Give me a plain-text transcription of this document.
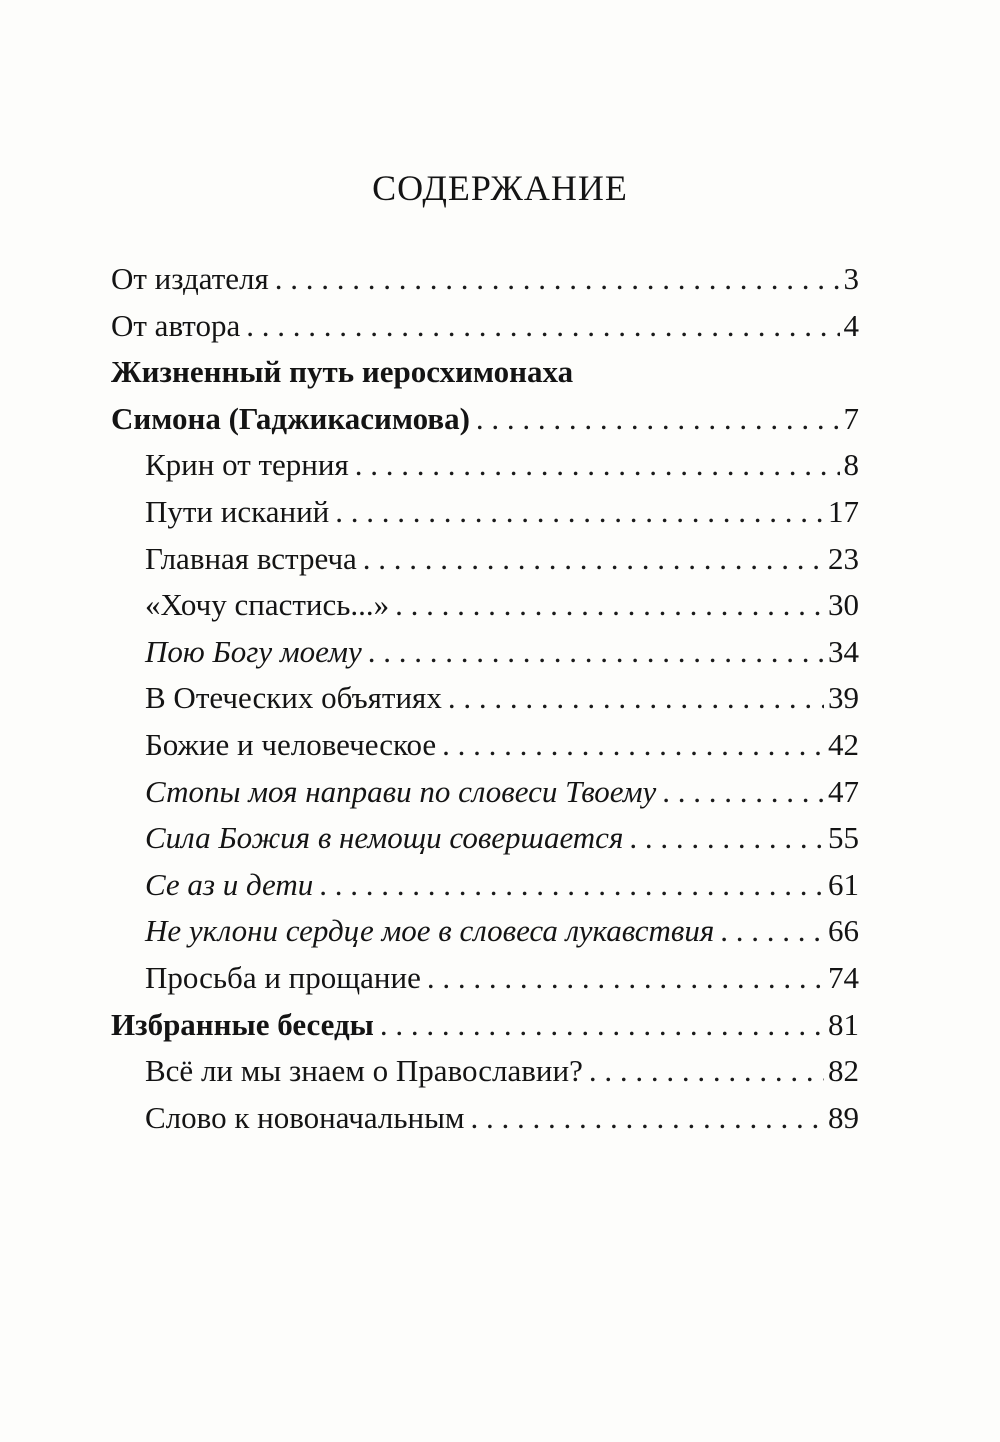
СОДЕРЖАНИЕ
От издателя . . .	3
От автора . . .	4
Жизненный путь иеросхимонаха
Симона (Гаджикасимова) . . .	7
Крин от терния . . .	8
Пути исканий . . .	17
Главная встреча . . .	23
«Хочу спастись...» . . .	30
Пою Богу моему . . .	34
В Отеческих объятиях . . .	39
Божие и человеческое . . .	42
Стопы моя направи по словеси Твоему . . .	47
Сила Божия в немощи совершается . . .	55
Се аз и дети . . .	61
Не уклони сердце мое в словеса лукавствия . . .	66
Просьба и прощание . . .	74
Избранные беседы . . .	81
Всё ли мы знаем о Православии? . . .	82
Слово к новоначальным . . .	89
